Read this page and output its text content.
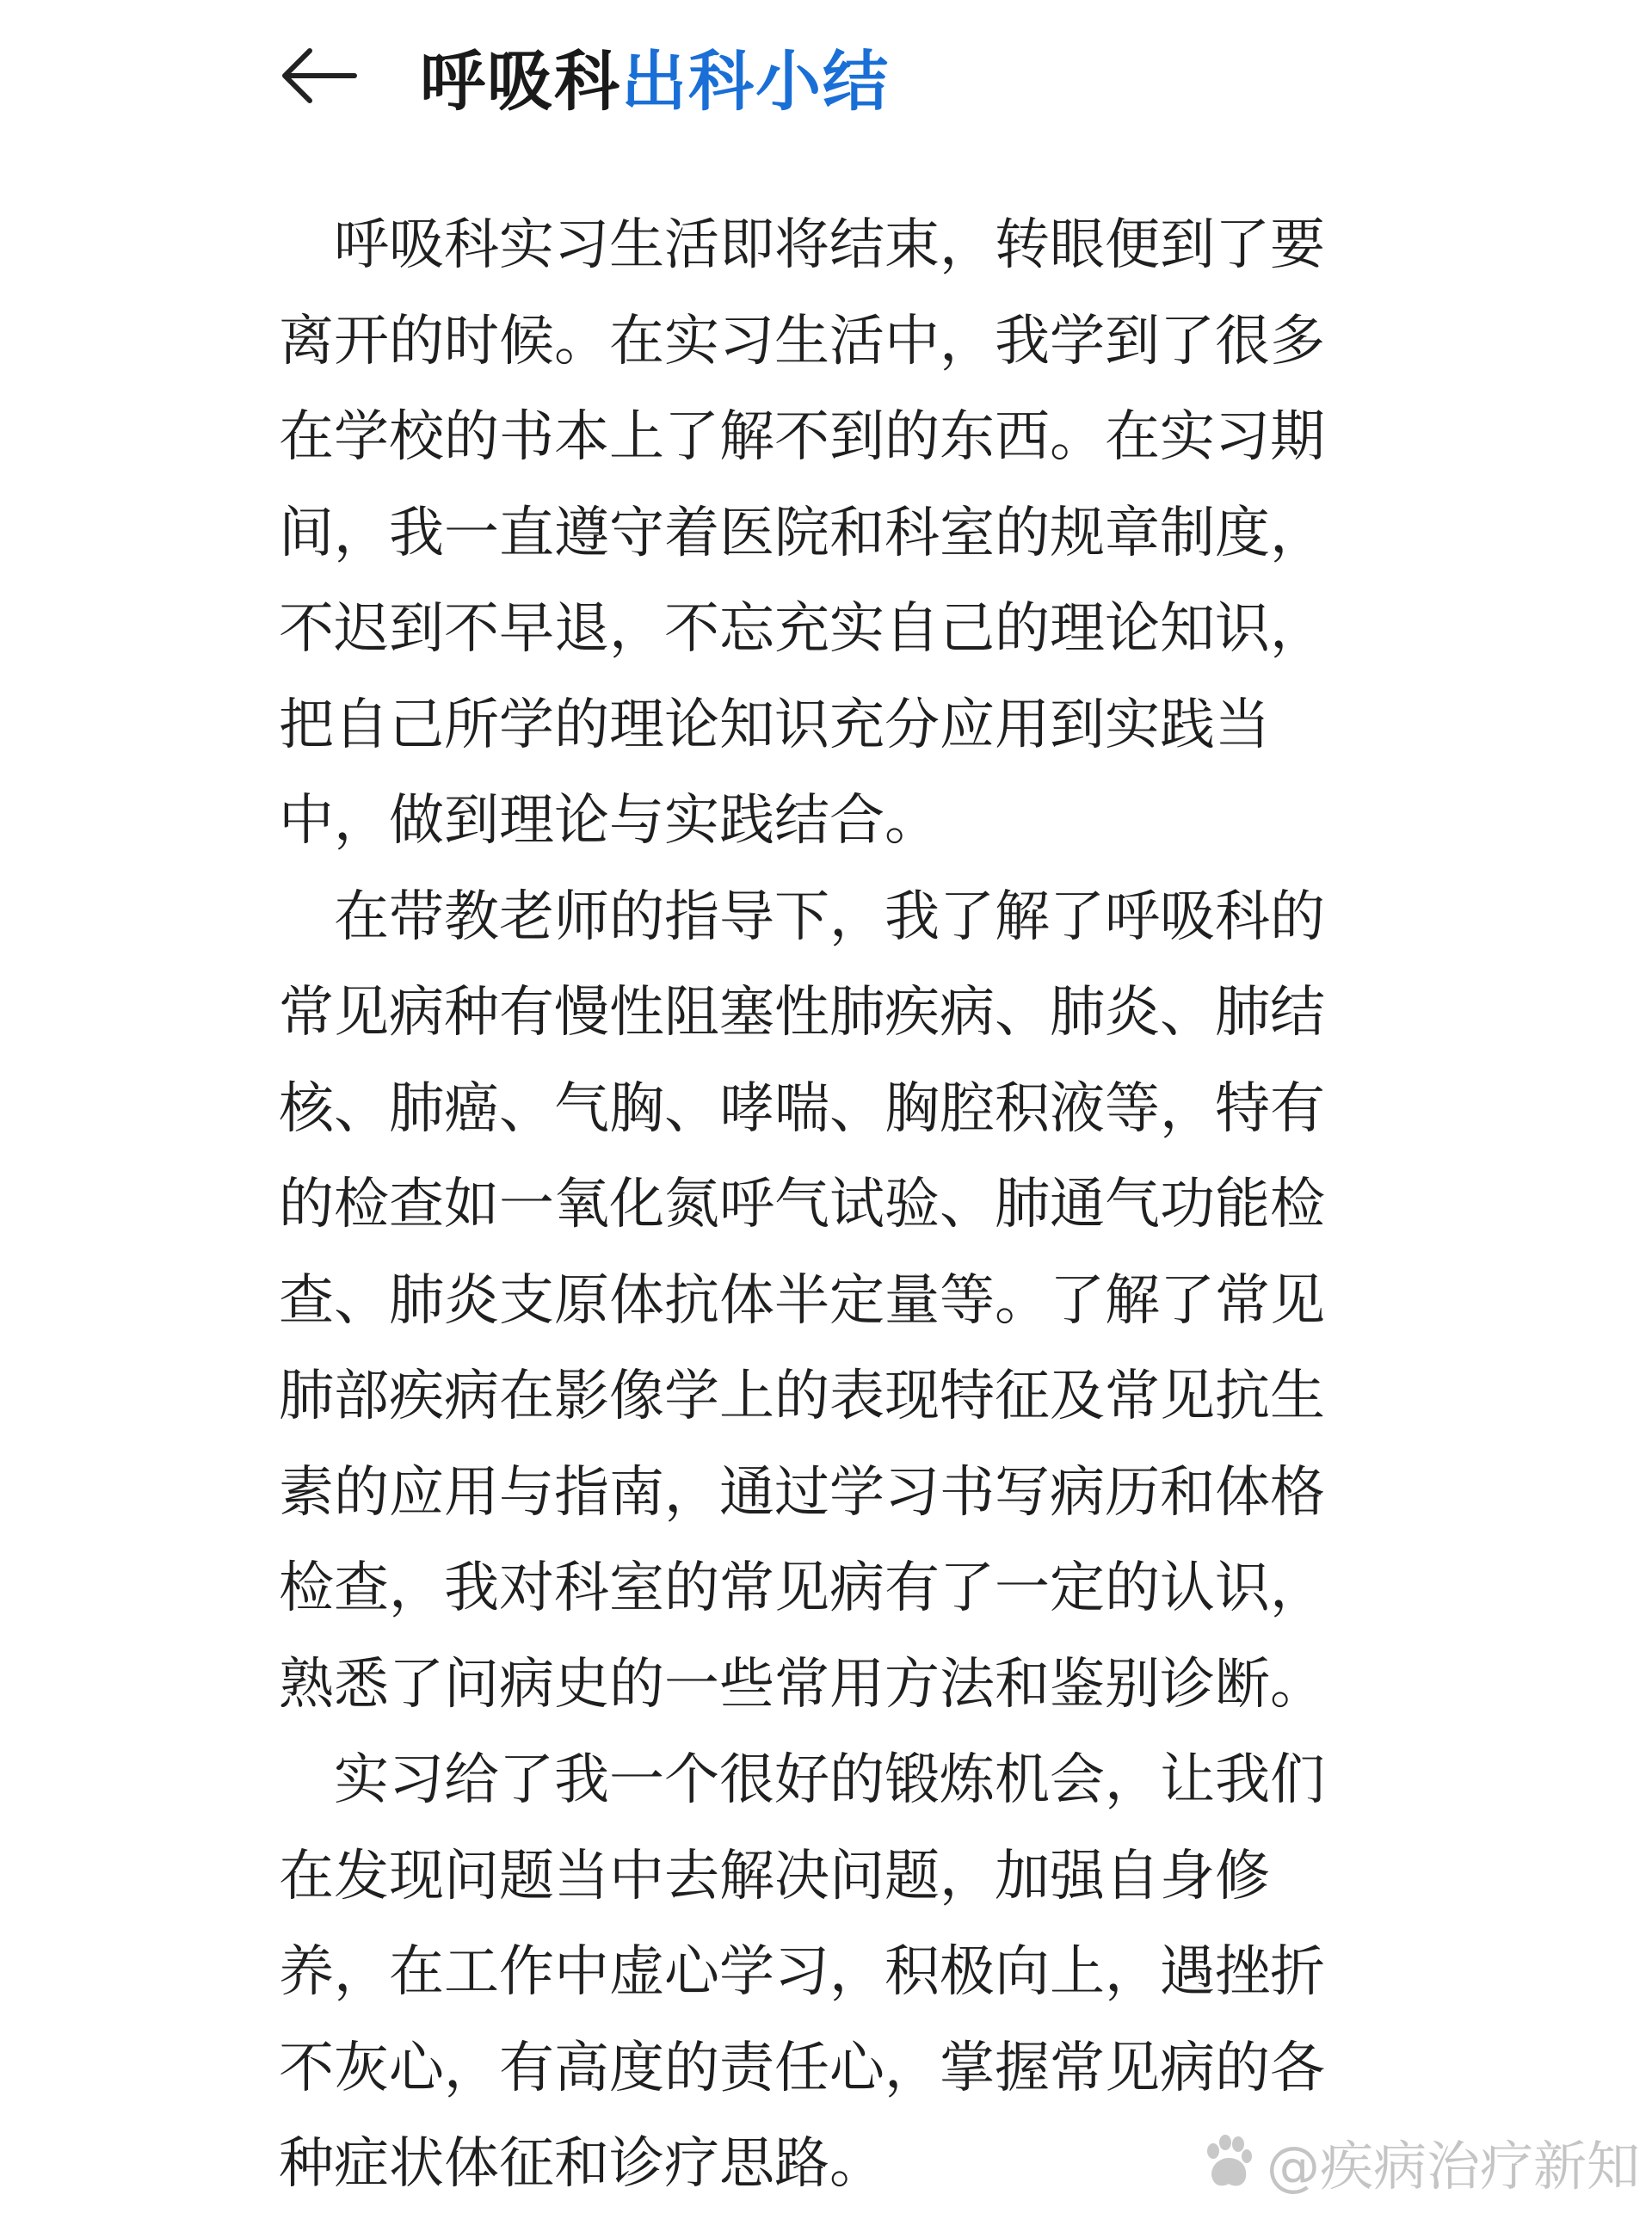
呼吸科出科小结

呼吸科实习生活即将结束，转眼便到了要离开的时候。在实习生活中，我学到了很多在学校的书本上了解不到的东西。在实习期间，我一直遵守着医院和科室的规章制度，不迟到不早退，不忘充实自己的理论知识，把自己所学的理论知识充分应用到实践当中，做到理论与实践结合。

在带教老师的指导下，我了解了呼吸科的常见病种有慢性阻塞性肺疾病、肺炎、肺结核、肺癌、气胸、哮喘、胸腔积液等，特有的检查如一氧化氮呼气试验、肺通气功能检查、肺炎支原体抗体半定量等。了解了常见肺部疾病在影像学上的表现特征及常见抗生素的应用与指南，通过学习书写病历和体格检查，我对科室的常见病有了一定的认识，熟悉了问病史的一些常用方法和鉴别诊断。

实习给了我一个很好的锻炼机会，让我们在发现问题当中去解决问题，加强自身修养，在工作中虚心学习，积极向上，遇挫折不灰心，有高度的责任心，掌握常见病的各种症状体征和诊疗思路。	@疾病治疗新知
